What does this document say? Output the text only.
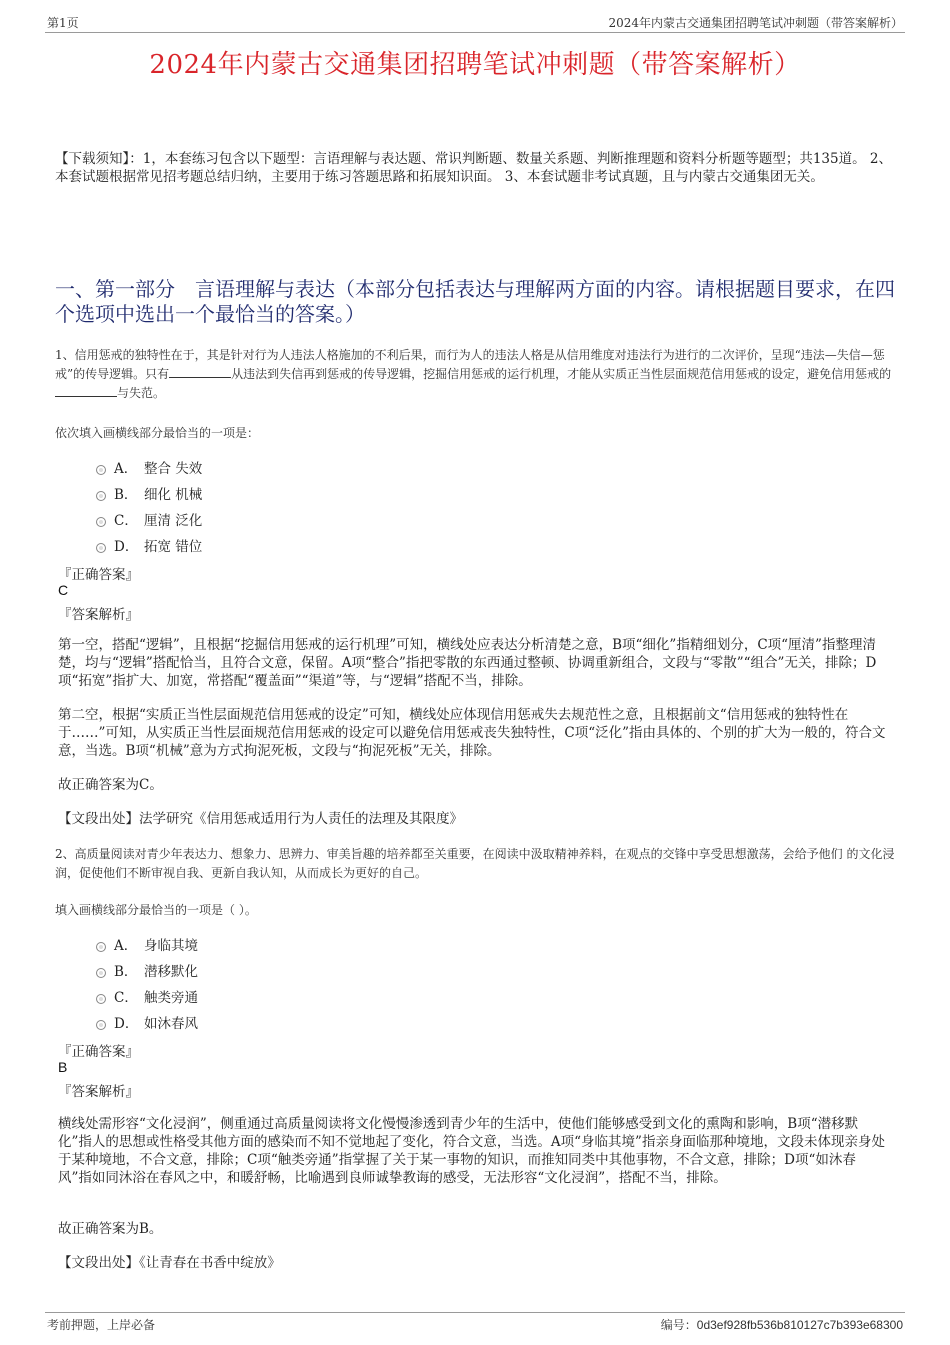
第1页	2024年内蒙古交通集团招聘笔试冲刺题（带答案解析）
2024年内蒙古交通集团招聘笔试冲刺题（带答案解析）
【下载须知】：1，本套练习包含以下题型：言语理解与表达题、常识判断题、数量关系题、判断推理题和资料分析题等题型；共135道。 2、本套试题根据常见招考题总结归纳，主要用于练习答题思路和拓展知识面。 3、本套试题非考试真题，且与内蒙古交通集团无关。
一、第一部分　言语理解与表达（本部分包括表达与理解两方面的内容。请根据题目要求，在四个选项中选出一个最恰当的答案。）
1、信用惩戒的独特性在于，其是针对行为人违法人格施加的不利后果，而行为人的违法人格是从信用维度对违法行为进行的二次评价，呈现“违法—失信—惩戒”的传导逻辑。只有	从违法到失信再到惩戒的传导逻辑，挖掘信用惩戒的运行机理，才能从实质正当性层面规范信用惩戒的设定，避免信用惩戒的与失范。
依次填入画横线部分最恰当的一项是：
A． 整合 失效
B． 细化 机械
C． 厘清 泛化
D． 拓宽 错位
『正确答案』
C
『答案解析』
第一空，搭配“逻辑”，且根据“挖掘信用惩戒的运行机理”可知，横线处应表达分析清楚之意，B项“细化”指精细划分，C项“厘清”指整理清楚，均与“逻辑”搭配恰当，且符合文意，保留。A项“整合”指把零散的东西通过整顿、协调重新组合，文段与“零散”“组合”无关，排除；D项“拓宽”指扩大、加宽，常搭配“覆盖面”“渠道”等，与“逻辑”搭配不当，排除。
第二空，根据“实质正当性层面规范信用惩戒的设定”可知，横线处应体现信用惩戒失去规范性之意，且根据前文“信用惩戒的独特性在于……”可知，从实质正当性层面规范信用惩戒的设定可以避免信用惩戒丧失独特性，C项“泛化”指由具体的、个别的扩大为一般的，符合文意，当选。B项“机械”意为方式拘泥死板，文段与“拘泥死板”无关，排除。
故正确答案为C。
【文段出处】法学研究《信用惩戒适用行为人责任的法理及其限度》
2、高质量阅读对青少年表达力、想象力、思辨力、审美旨趣的培养都至关重要，在阅读中汲取精神养料，在观点的交锋中享受思想激荡，会给予他们 的文化浸润，促使他们不断审视自我、更新自我认知，从而成长为更好的自己。
填入画横线部分最恰当的一项是（ ）。
A． 身临其境
B． 潜移默化
C． 触类旁通
D． 如沐春风
『正确答案』
B
『答案解析』
横线处需形容“文化浸润”，侧重通过高质量阅读将文化慢慢渗透到青少年的生活中，使他们能够感受到文化的熏陶和影响，B项“潜移默化”指人的思想或性格受其他方面的感染而不知不觉地起了变化，符合文意，当选。A项“身临其境”指亲身面临那种境地，文段未体现亲身处于某种境地，不合文意，排除；C项“触类旁通”指掌握了关于某一事物的知识，而推知同类中其他事物，不合文意，排除；D项“如沐春风”指如同沐浴在春风之中，和暖舒畅，比喻遇到良师诚挚教诲的感受，无法形容“文化浸润”，搭配不当，排除。
故正确答案为B。
【文段出处】《让青春在书香中绽放》
考前押题，上岸必备	编号：0d3ef928fb536b810127c7b393e68300
